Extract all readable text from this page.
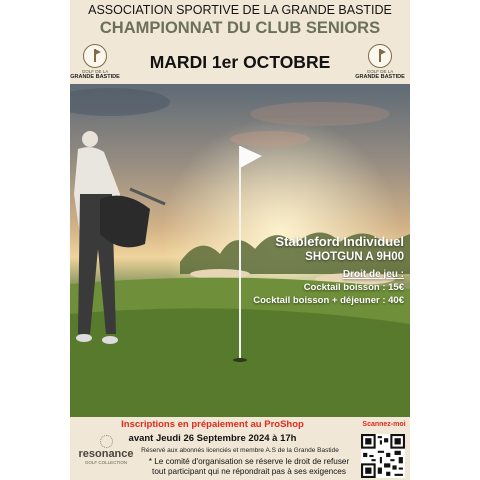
ASSOCIATION SPORTIVE DE LA GRANDE BASTIDE
CHAMPIONNAT DU CLUB SENIORS
MARDI 1er OCTOBRE
GOLF DE LA
GRANDE BASTIDE
GOLF DE LA
GRANDE BASTIDE
Stableford Individuel
SHOTGUN A 9H00
Droit de jeu :
Cocktail boisson : 15€
Cocktail boisson + déjeuner : 40€
Inscriptions en prépaiement au ProShop
avant Jeudi 26 Septembre 2024 à 17h
Réservé aux abonnés licenciés et membre A.S de la Grande Bastide
* Le comité d'organisation se réserve le droit de refuser
tout participant qui ne répondrait pas à ses exigences
resonance
GOLF COLLECTION
Scannez-moi
